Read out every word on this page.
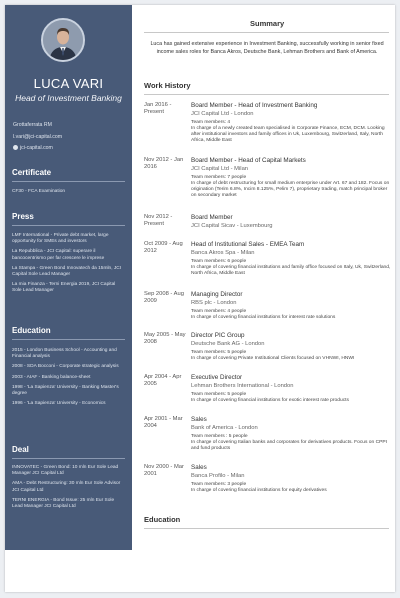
LUCA VARI
Head of Investment Banking
Grottaferrata RM
l.vari@jci-capital.com
jci-capital.com
Certificate

CF30 - FCA Examination

Press

LMF International - Private debt market, large opportunity for SMEs and investors

La Repubblica - JCI Capital: superare il bancocentrismo per far crescere le imprese

La Stampa - Green Bond Innovatech da 15mln, JCI Capital Sole Lead Manager

La mia Finanza - Terni Energia 2019, JCI Capital Sole Lead Manager

Education

2015 - London Business School - Accounting and Financial analysis

2008 - SDA Bocconi - Corporate strategic analysis

2003 - AIAF - Banking balance-sheet

1998 - 'La Sapienza' University - Banking Master's degree

1996 - 'La Sapienza' University - Economics

Deal

INNOVATEC - Green Bond: 10 mln Eur Sole Lead Manager JCI Capital Ltd

AMA - Debt Restructuring: 30 mln Eur Sole Advisor JCI Capital Ltd

TERNI ENERGIA - Bond Issue: 25 mln Eur Sole Lead Manager JCI Capital Ltd

Summary
Luca has gained extensive experience in Investment Banking, successfully working in senior fixed income sales roles for Banca Akros, Deutsche Bank, Lehman Brothers and Bank of America.
Work History
Jan 2016 - Present
Board Member - Head of Investment Banking
JCI Capital Ltd - London
Team members: 4
In charge of a newly created team specialised in Corporate Finance, ECM, DCM. Looking after institutional investors and family offices in Uk, Luxembourg, Switzerland, Italy, North Africa, Middle East
Nov 2012 - Jan 2016
Board Member - Head of Capital Markets
JCI Capital Ltd - Milan
Team members: 7 people
In charge of debt restructuring for small medium enterprise under Art. 67 and 182. Focus on origination (Terim 6.8%, Incim 8.125%, Pelim 7), proprietary trading, match principal broker on secondary market
Nov 2012 - Present
Board Member
JCI Capital Sicav - Luxembourg
Oct 2009 - Aug 2012
Head of Institutional Sales - EMEA Team
Banca Akros Spa - Milan
Team members: 6 people
In charge of covering financial institutions and family office focused on Italy, Uk, Switzerland, North Africa, Middle East
Sep 2008 - Aug 2009
Managing Director
RBS plc - London
Team members: 4 people
In charge of covering financial institutions for interest rate solutions
May 2005 - May 2008
Director PIC Group
Deutsche Bank AG - London
Team members: 5 people
In charge of covering Private Institutional Clients focused on VHNWI, HNWI
Apr 2004 - Apr 2005
Executive Director
Lehman Brothers International - London
Team members: 5 people
In charge of covering financial institutions for exotic interest rate products
Apr 2001 - Mar 2004
Sales
Bank of America - London
Team members : 5 people
In charge of covering Italian banks and corporates for derivatives products. Focus on CPPI and fund products
Nov 2000 - Mar 2001
Sales
Banca Profilo - Milan
Team members: 3 people
In charge of covering financial institutions for equity derivatives
Education
